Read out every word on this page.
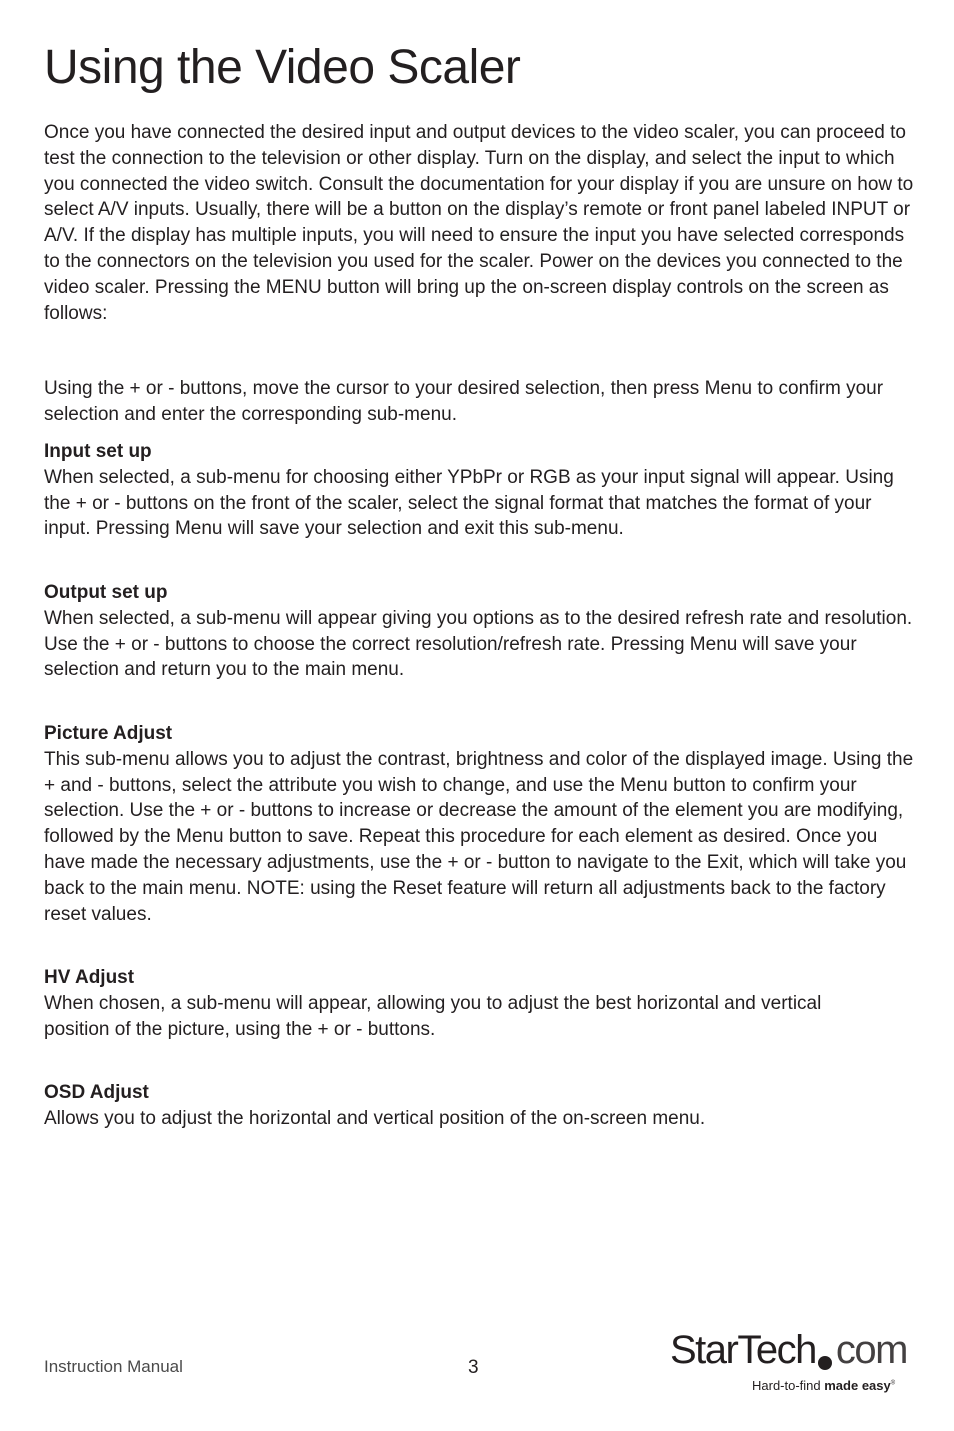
Using the Video Scaler

Once you have connected the desired input and output devices to the video scaler, you can proceed to test the connection to the television or other display. Turn on the display, and select the input to which you connected the video switch. Consult the documentation for your display if you are unsure on how to select A/V inputs. Usually, there will be a button on the display’s remote or front panel labeled INPUT or A/V. If the display has multiple inputs, you will need to ensure the input you have selected corresponds to the connectors on the television you used for the scaler. Power on the devices you connected to the video scaler. Pressing the MENU button will bring up the on-screen display controls on the screen as follows:

Using the + or - buttons, move the cursor to your desired selection, then press Menu to confirm your selection and enter the corresponding sub-menu.

Input set up
When selected, a sub-menu for choosing either YPbPr or RGB as your input signal will appear. Using the + or - buttons on the front of the scaler, select the signal format that matches the format of your input. Pressing Menu will save your selection and exit this sub-menu.
Output set up
When selected, a sub-menu will appear giving you options as to the desired refresh rate and resolution. Use the + or - buttons to choose the correct resolution/refresh rate. Pressing Menu will save your selection and return you to the main menu.
Picture Adjust
This sub-menu allows you to adjust the contrast, brightness and color of the displayed image. Using the + and - buttons, select the attribute you wish to change, and use the Menu button to confirm your selection. Use the + or - buttons to increase or decrease the amount of the element you are modifying, followed by the Menu button to save. Repeat this procedure for each element as desired. Once you have made the necessary adjustments, use the + or - button to navigate to the Exit, which will take you back to the main menu. NOTE: using the Reset feature will return all adjustments back to the factory reset values.
HV Adjust
When chosen, a sub-menu will appear, allowing you to adjust the best horizontal and vertical position of the picture, using the + or - buttons.
OSD Adjust
Allows you to adjust the horizontal and vertical position of the on-screen menu.
Instruction Manual	3	StarTech com
Hard-to-find made easy®
